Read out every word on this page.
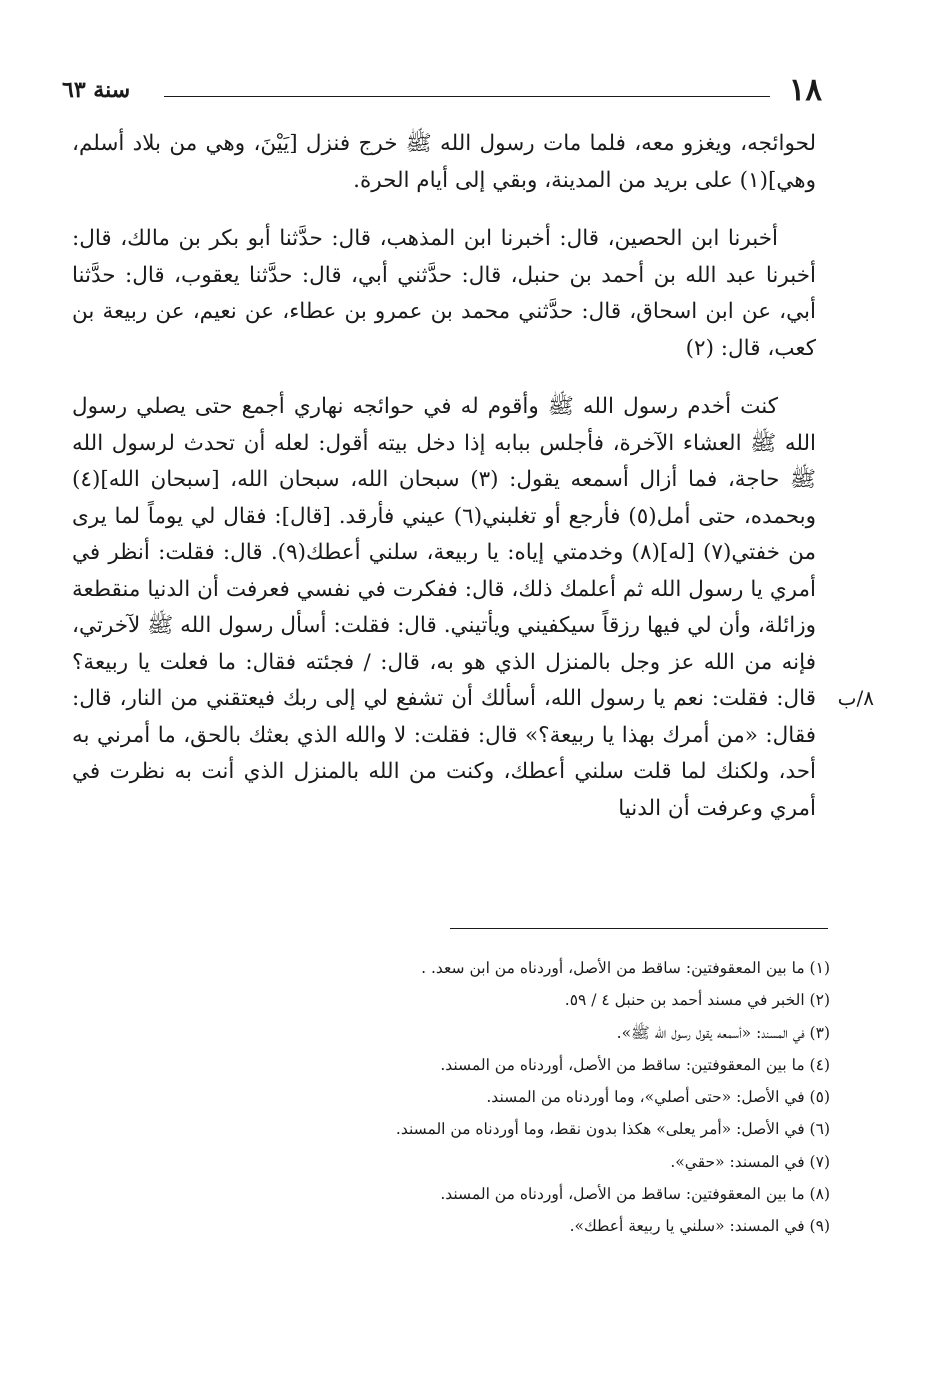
١٨
سنة ٦٣

لحوائجه، ويغزو معه، فلما مات رسول الله ﷺ خرج فنزل [يَيْنَ، وهي من بلاد أسلم، وهي](١) على بريد من المدينة، وبقي إلى أيام الحرة.

أخبرنا ابن الحصين، قال: أخبرنا ابن المذهب، قال: حدَّثنا أبو بكر بن مالك، قال: أخبرنا عبد الله بن أحمد بن حنبل، قال: حدَّثني أبي، قال: حدَّثنا يعقوب، قال: حدَّثنا أبي، عن ابن اسحاق، قال: حدَّثني محمد بن عمرو بن عطاء، عن نعيم، عن ربيعة بن كعب، قال: (٢)

كنت أخدم رسول الله ﷺ وأقوم له في حوائجه نهاري أجمع حتى يصلي رسول الله ﷺ العشاء الآخرة، فأجلس ببابه إذا دخل بيته أقول: لعله أن تحدث لرسول الله ﷺ حاجة، فما أزال أسمعه يقول: (٣) سبحان الله، سبحان الله، [سبحان الله](٤) وبحمده، حتى أمل(٥) فأرجع أو تغلبني(٦) عيني فأرقد. [قال]: فقال لي يوماً لما يرى من خفتي(٧) [له](٨) وخدمتي إياه: يا ربيعة، سلني أعطك(٩). قال: فقلت: أنظر في أمري يا رسول الله ثم أعلمك ذلك، قال: ففكرت في نفسي فعرفت أن الدنيا منقطعة وزائلة، وأن لي فيها رزقاً سيكفيني ويأتيني. قال: فقلت: أسأل رسول الله ﷺ لآخرتي، فإنه من الله عز وجل بالمنزل الذي هو به، قال: / فجئته فقال: ما فعلت يا ربيعة؟ قال: فقلت: نعم يا رسول الله، أسألك أن تشفع لي إلى ربك فيعتقني من النار، قال: فقال: «من أمرك بهذا يا ربيعة؟» قال: فقلت: لا والله الذي بعثك بالحق، ما أمرني به أحد، ولكنك لما قلت سلني أعطك، وكنت من الله بالمنزل الذي أنت به نظرت في أمري وعرفت أن الدنيا

٨/ب
(١) ما بين المعقوفتين: ساقط من الأصل، أوردناه من ابن سعد. .
(٢) الخبر في مسند أحمد بن حنبل ٤ / ٥٩.
(٣) في المسند: «أسمعه يقول رسول الله ﷺ».
(٤) ما بين المعقوفتين: ساقط من الأصل، أوردناه من المسند.
(٥) في الأصل: «حتى أصلي»، وما أوردناه من المسند.
(٦) في الأصل: «أمر يعلى» هكذا بدون نقط، وما أوردناه من المسند.
(٧) في المسند: «حقي».
(٨) ما بين المعقوفتين: ساقط من الأصل، أوردناه من المسند.
(٩) في المسند: «سلني يا ربيعة أعطك».
